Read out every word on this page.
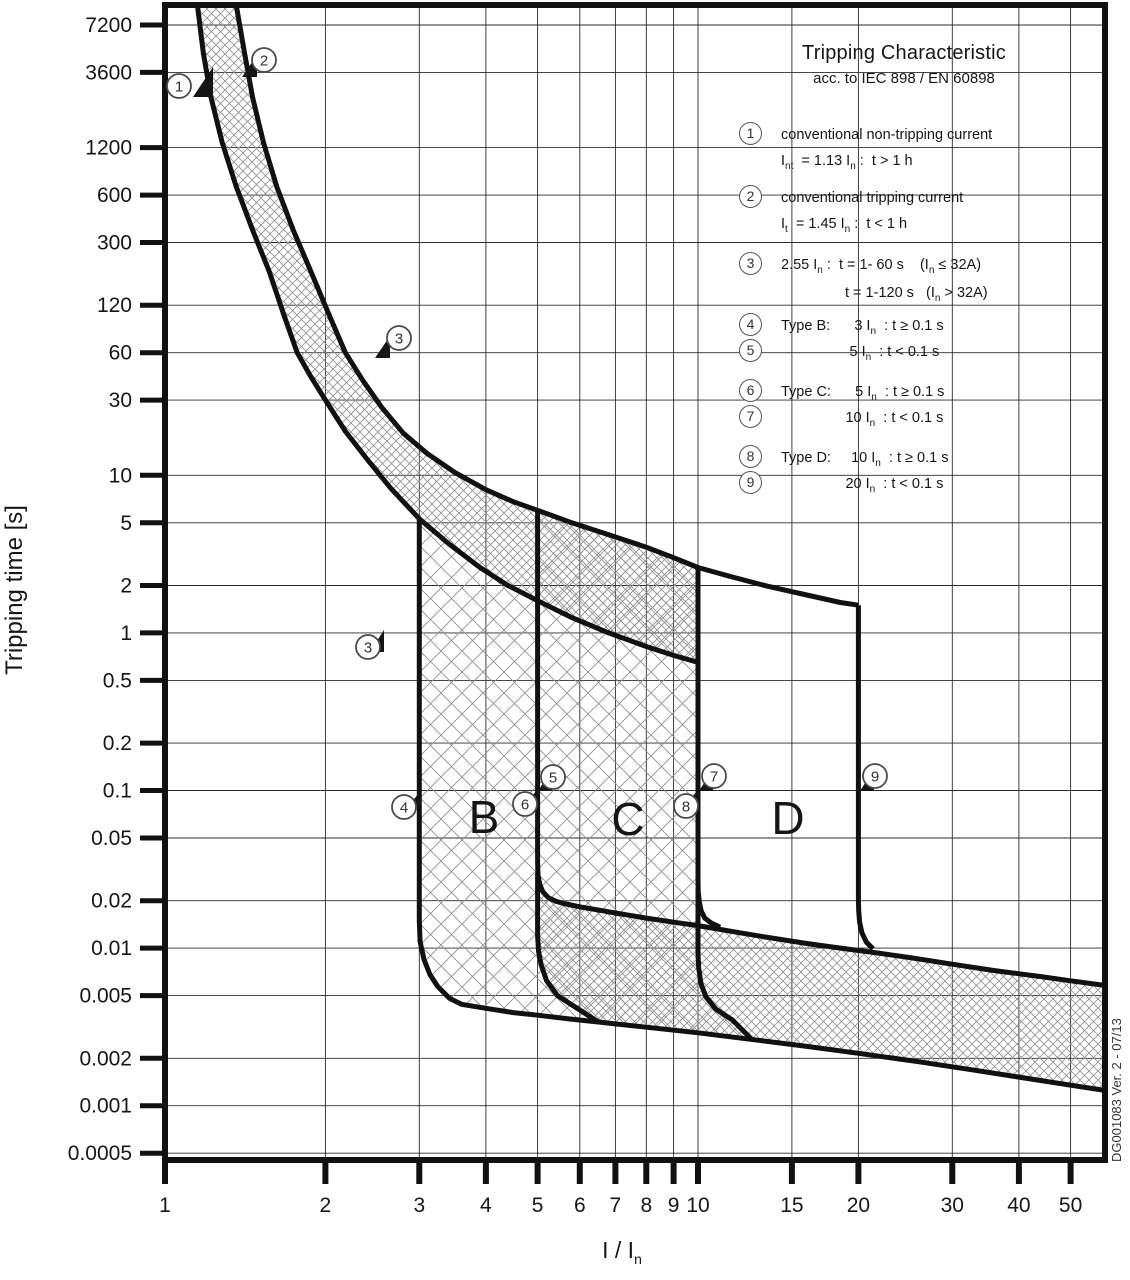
7200
3600
1200
600
300
120
60
30
10
5
2
1
0.5
0.2
0.1
0.05
0.02
0.01
0.005
0.002
0.001
0.0005
1	2	3	4 5 6 7 8 9 10	15 20	30 40 50
1
2
3
3
4
5
6
7
8
9
B C	D
Tripping time [s]
I / $I_n$
DG001083 Ver. 2 - 07/13
Tripping Characteristic
acc. to IEC 898 / EN 60898
1	conventional non-tripping current
$I_{nt} = 1.13$ $I_n$ :  t > 1 h
2	conventional tripping current
$I_t = 1.45$ $I_n$ :  t < 1 h
3	2.55 $I_n$ :  t = 1- 60 s    $(I_n \le 32A)$
t = 1-120 s   $(I_n > 32A)$
4	Type B:      3 $I_n$  : t ≥ 0.1 s
5	5 $I_n$  : t < 0.1 s
6	Type C:      5 $I_n$  : t ≥ 0.1 s
7	10 $I_n$  : t < 0.1 s
8	Type D:     10 $I_n$  : t ≥ 0.1 s
9	20 $I_n$  : t < 0.1 s
